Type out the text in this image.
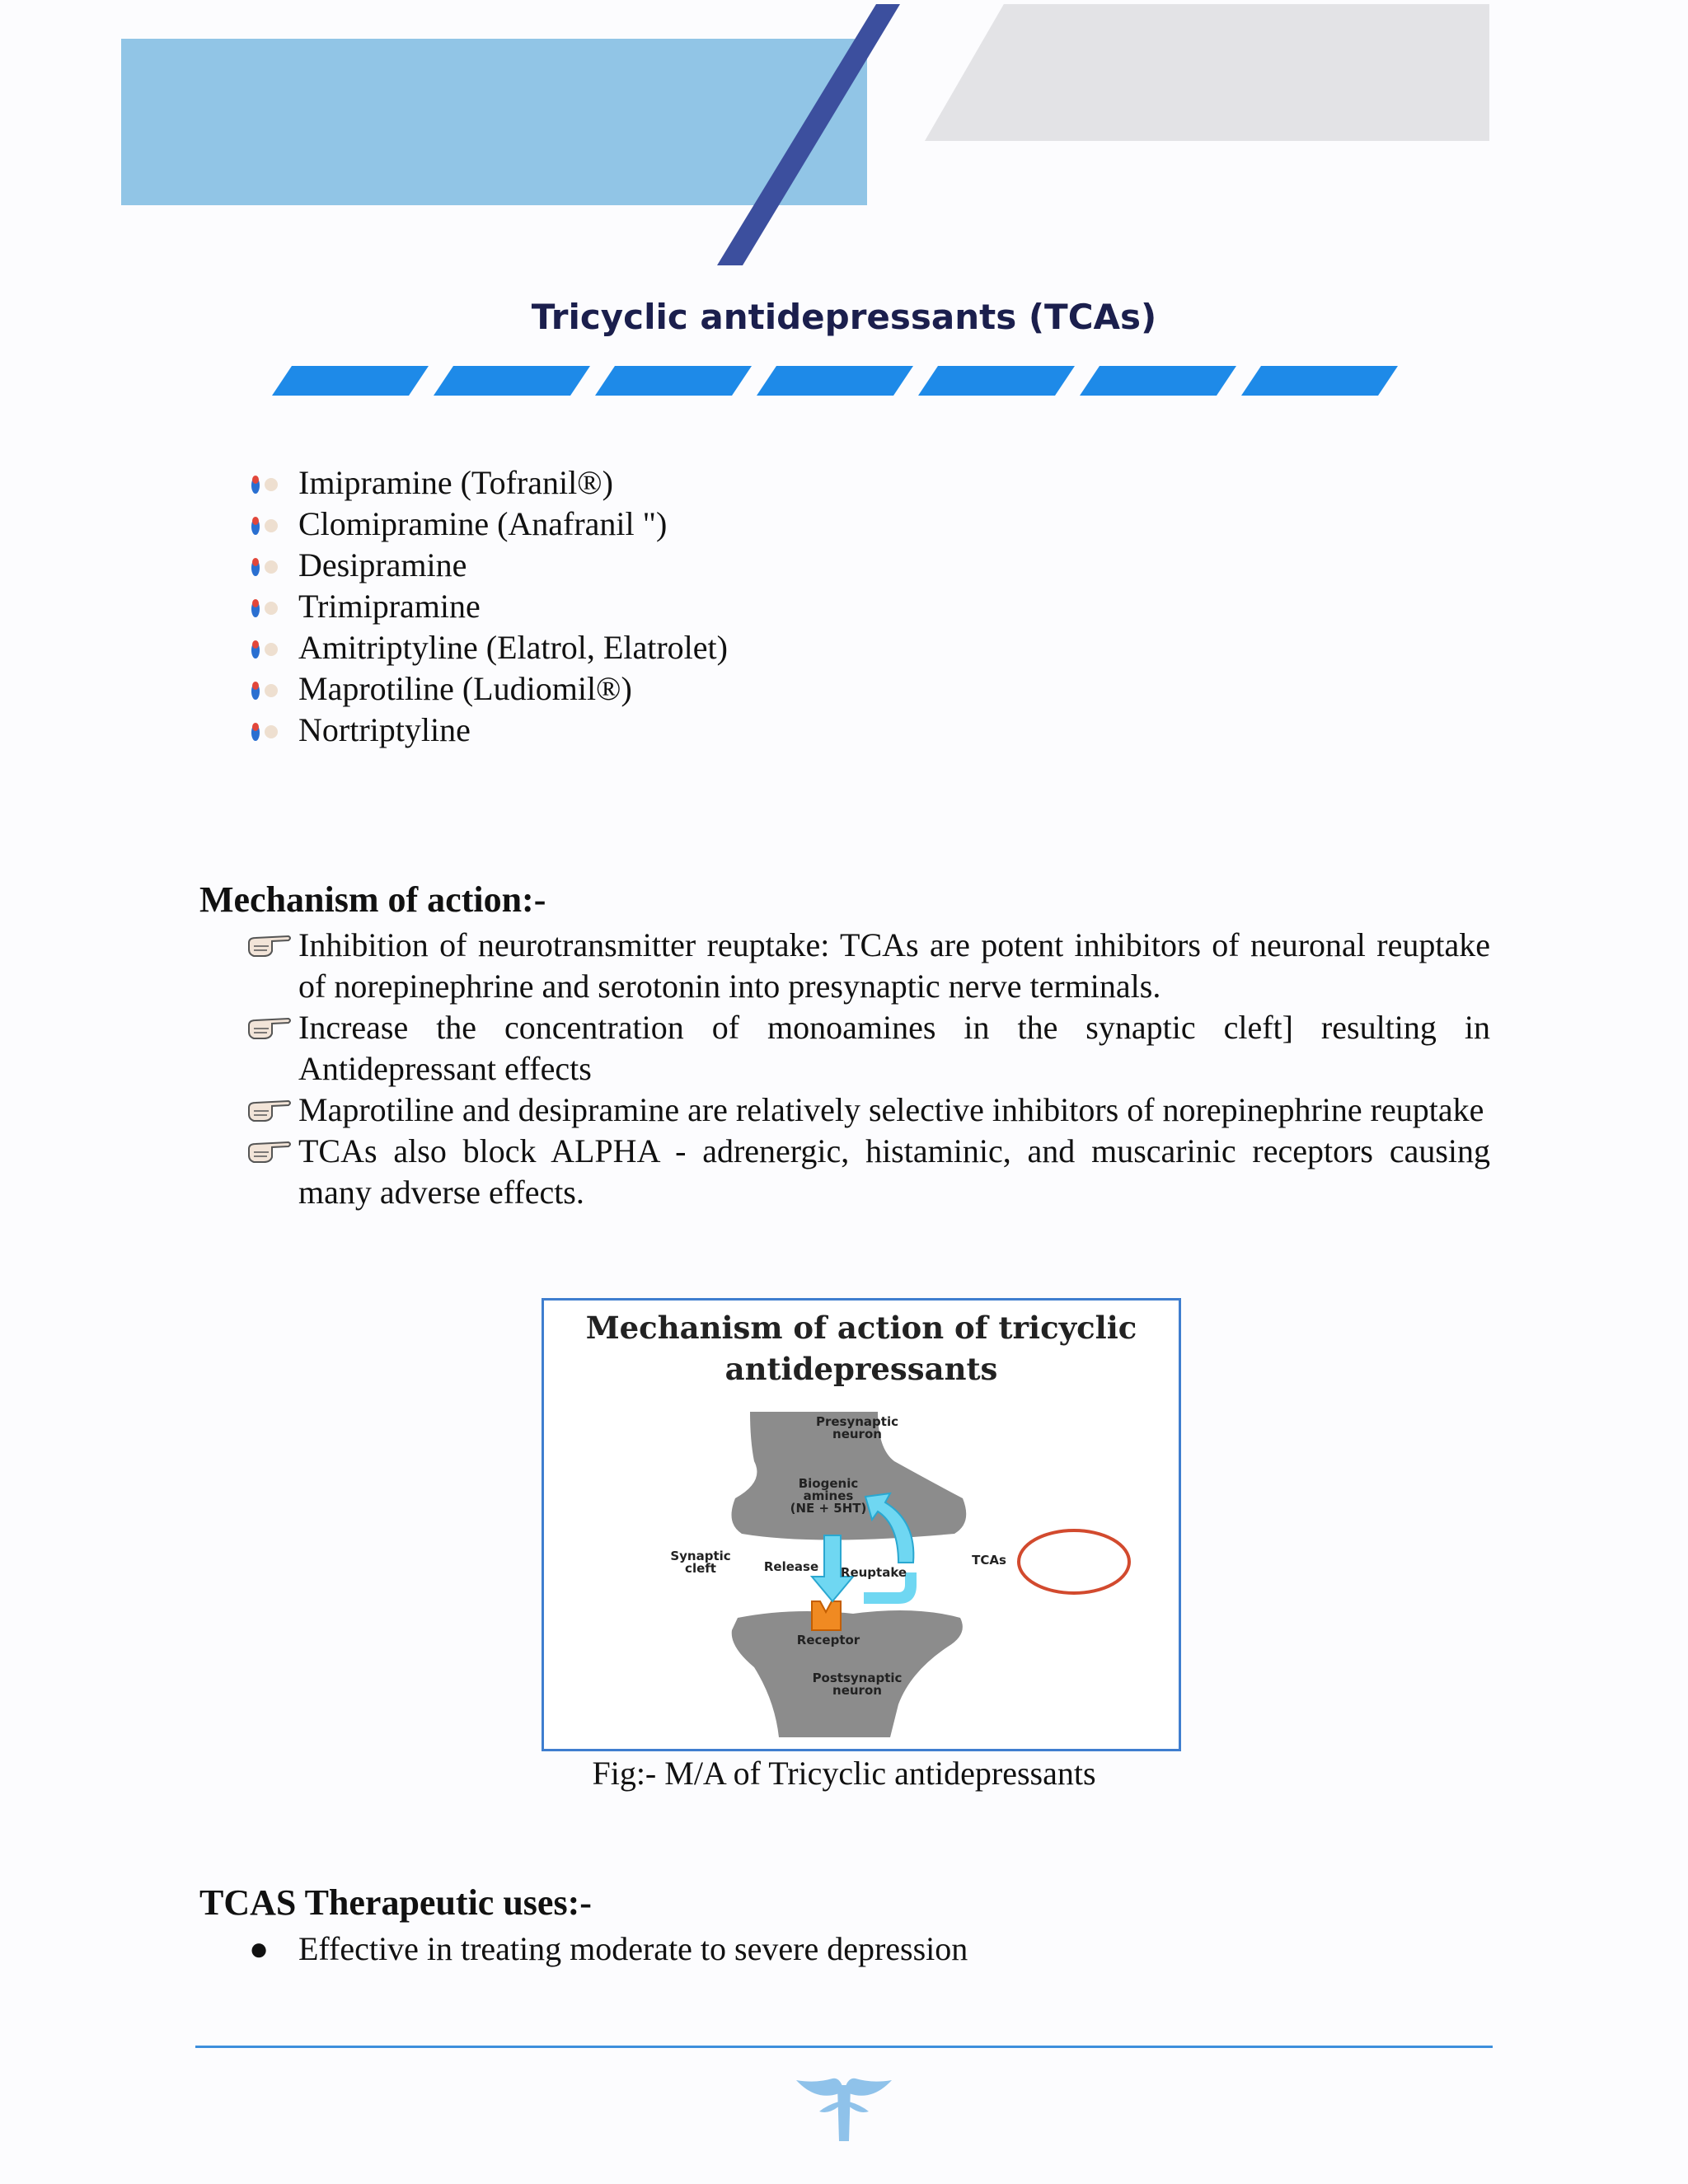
Tricyclic antidepressants (TCAs)
Imipramine (Tofranil®)
Clomipramine (Anafranil ")
Desipramine
Trimipramine
Amitriptyline (Elatrol, Elatrolet)
Maprotiline (Ludiomil®)
Nortriptyline
Mechanism of action:-
Inhibition of neurotransmitter reuptake: TCAs are potent inhibitors of neuronal reuptake of norepinephrine and serotonin into presynaptic nerve terminals.
Increase the concentration of monoamines in the synaptic cleft] resulting in Antidepressant effects
Maprotiline and desipramine are relatively selective inhibitors of norepinephrine reuptake
TCAs also block ALPHA - adrenergic, histaminic, and muscarinic receptors causing many adverse effects.
Mechanism of action of tricyclic
antidepressants
Presynaptic
neuron
Biogenic
amines
(NE + 5HT)
Synaptic
cleft	Release Reuptake
TCAs
Receptor
Postsynaptic
neuron
Fig:- M/A of Tricyclic antidepressants
TCAS Therapeutic uses:-
● Effective in treating moderate to severe depression
